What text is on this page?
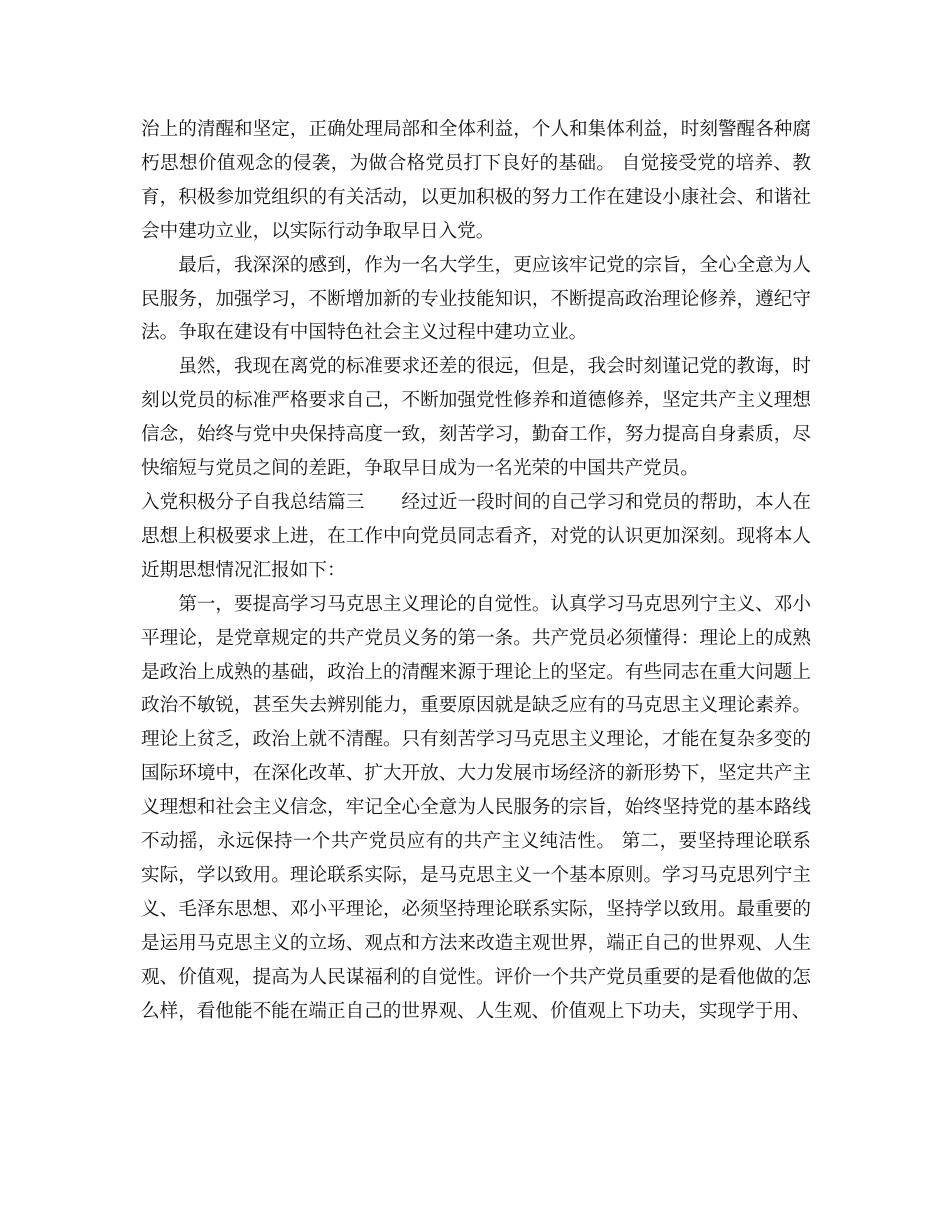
治上的清醒和坚定，正确处理局部和全体利益，个人和集体利益，时刻警醒各种腐朽思想价值观念的侵袭，为做合格党员打下良好的基础。 自觉接受党的培养、教育，积极参加党组织的有关活动，以更加积极的努力工作在建设小康社会、和谐社会中建功立业，以实际行动争取早日入党。

最后，我深深的感到，作为一名大学生，更应该牢记党的宗旨，全心全意为人民服务，加强学习，不断增加新的专业技能知识，不断提高政治理论修养，遵纪守法。争取在建设有中国特色社会主义过程中建功立业。

虽然，我现在离党的标准要求还差的很远，但是，我会时刻谨记党的教诲，时刻以党员的标准严格要求自己，不断加强党性修养和道德修养，坚定共产主义理想信念，始终与党中央保持高度一致，刻苦学习，勤奋工作，努力提高自身素质，尽快缩短与党员之间的差距，争取早日成为一名光荣的中国共产党员。

入党积极分子自我总结篇三　　经过近一段时间的自己学习和党员的帮助，本人在思想上积极要求上进，在工作中向党员同志看齐，对党的认识更加深刻。现将本人近期思想情况汇报如下：

第一，要提高学习马克思主义理论的自觉性。认真学习马克思列宁主义、邓小平理论，是党章规定的共产党员义务的第一条。共产党员必须懂得：理论上的成熟是政治上成熟的基础，政治上的清醒来源于理论上的坚定。有些同志在重大问题上政治不敏锐，甚至失去辨别能力，重要原因就是缺乏应有的马克思主义理论素养。理论上贫乏，政治上就不清醒。只有刻苦学习马克思主义理论，才能在复杂多变的国际环境中，在深化改革、扩大开放、大力发展市场经济的新形势下，坚定共产主义理想和社会主义信念，牢记全心全意为人民服务的宗旨，始终坚持党的基本路线不动摇，永远保持一个共产党员应有的共产主义纯洁性。 第二，要坚持理论联系实际，学以致用。理论联系实际，是马克思主义一个基本原则。学习马克思列宁主义、毛泽东思想、邓小平理论，必须坚持理论联系实际，坚持学以致用。最重要的是运用马克思主义的立场、观点和方法来改造主观世界，端正自己的世界观、人生观、价值观，提高为人民谋福利的自觉性。评价一个共产党员重要的是看他做的怎么样，看他能不能在端正自己的世界观、人生观、价值观上下功夫，实现学于用、
